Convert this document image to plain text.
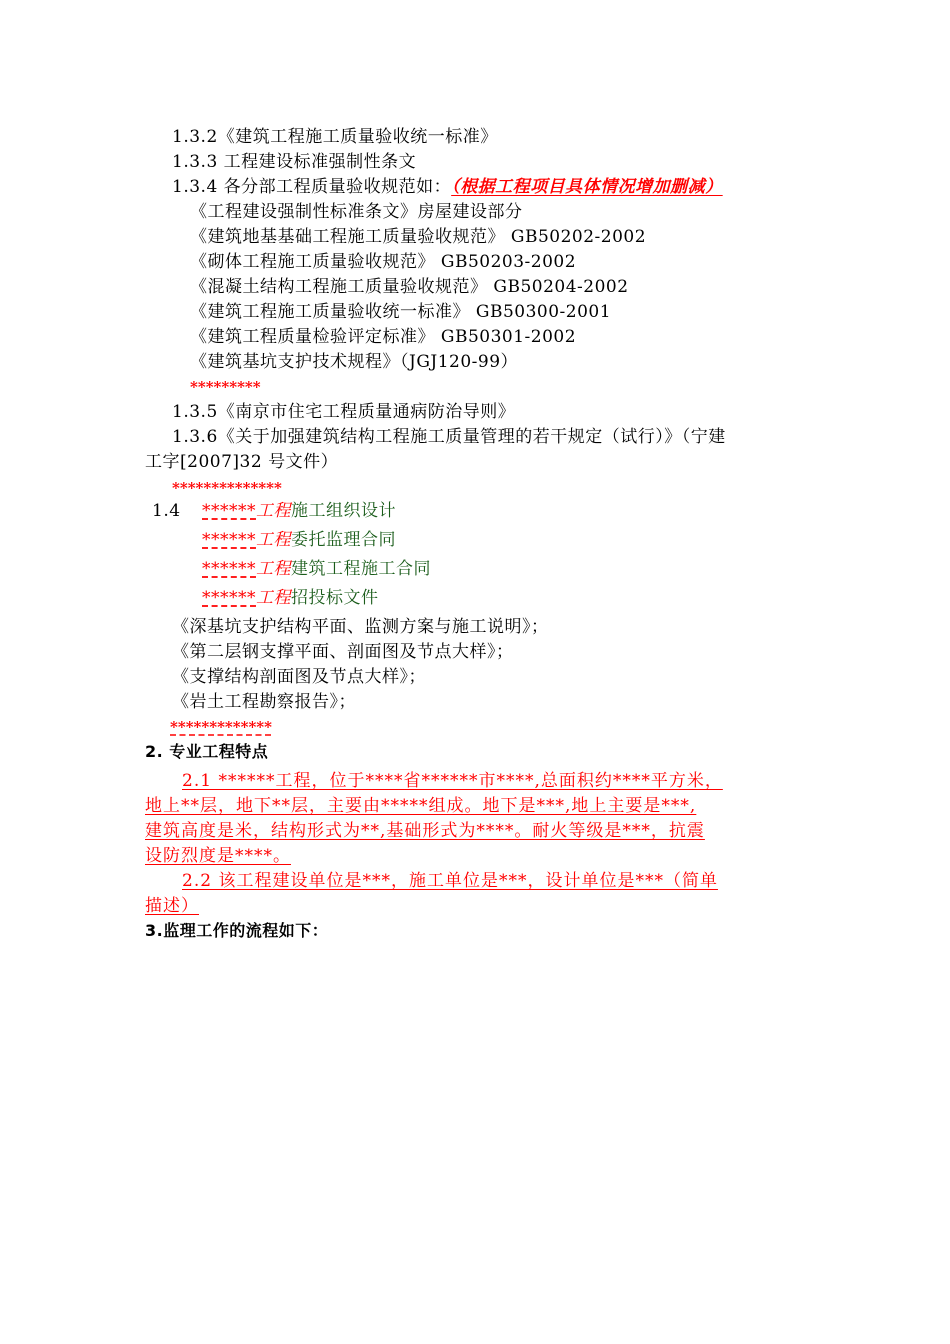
1.3.2《建筑工程施工质量验收统一标准》
1.3.3 工程建设标准强制性条文
1.3.4 各分部工程质量验收规范如：（根据工程项目具体情况增加删减）
《工程建设强制性标准条文》房屋建设部分
《建筑地基基础工程施工质量验收规范》 GB50202-2002
《砌体工程施工质量验收规范》 GB50203-2002
《混凝土结构工程施工质量验收规范》 GB50204-2002
《建筑工程施工质量验收统一标准》 GB50300-2001
《建筑工程质量检验评定标准》 GB50301-2002
《建筑基坑支护技术规程》（JGJ120-99）
*********
1.3.5《南京市住宅工程质量通病防治导则》
1.3.6《关于加强建筑结构工程施工质量管理的若干规定（试行）》（宁建
工字[2007]32 号文件）
**************
1.4 ******工程施工组织设计
******工程委托监理合同
******工程建筑工程施工合同
******工程招投标文件
《深基坑支护结构平面、监测方案与施工说明》；
《第二层钢支撑平面、剖面图及节点大样》；
《支撑结构剖面图及节点大样》；
《岩土工程勘察报告》；
*************
2. 专业工程特点
2.1 ******工程，位于****省******市****,总面积约****平方米，
地上**层，地下**层，主要由*****组成。地下是***,地上主要是***,
建筑高度是米，结构形式为**,基础形式为****。耐火等级是***，抗震
设防烈度是****。
2.2 该工程建设单位是***，施工单位是***，设计单位是***（简单
描述）
3.监理工作的流程如下：
